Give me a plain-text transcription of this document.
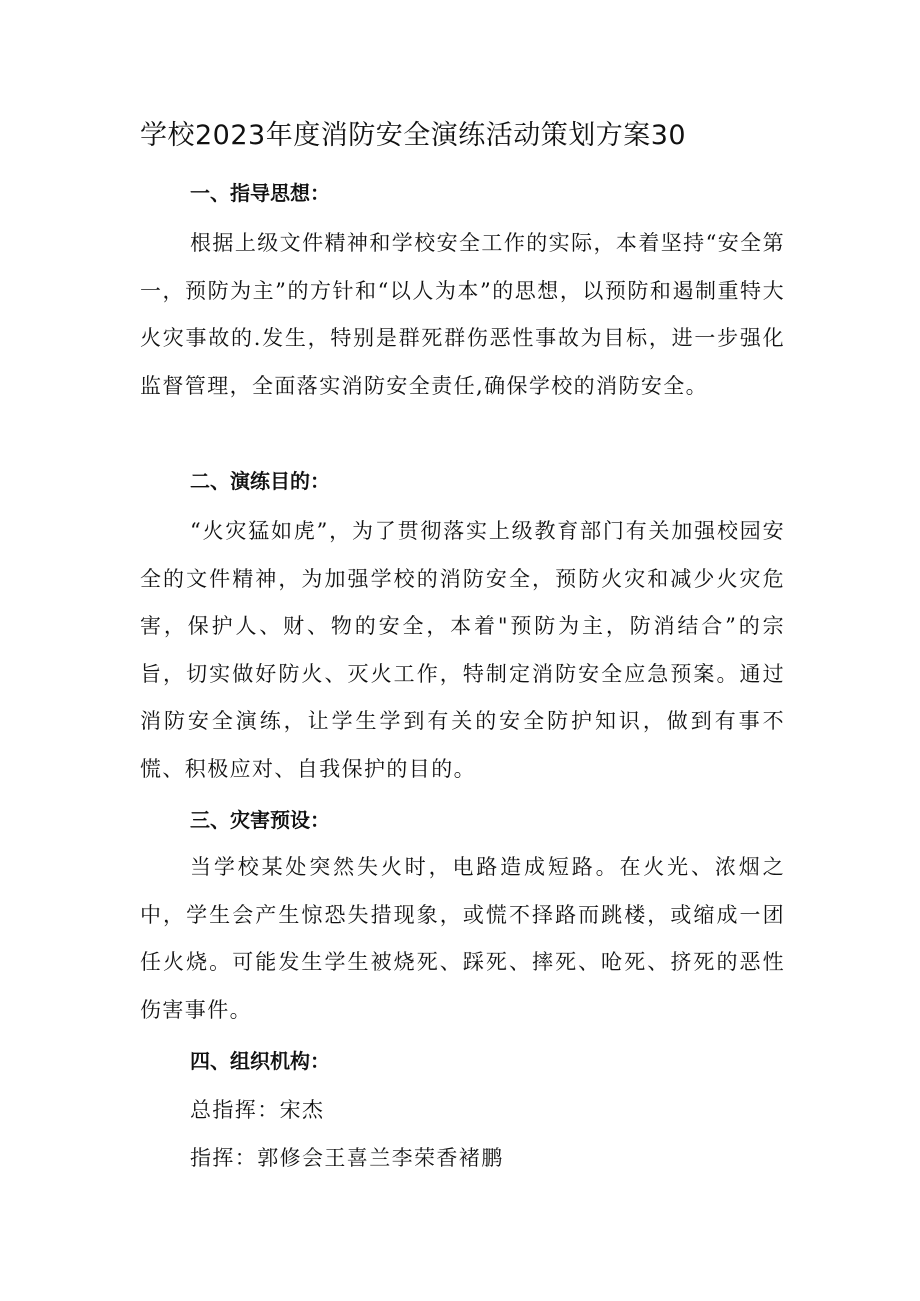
学校2023年度消防安全演练活动策划方案30
一、指导思想：
根据上级文件精神和学校安全工作的实际，本着坚持“安全第一，预防为主”的方针和“以人为本”的思想，以预防和遏制重特大火灾事故的.发生，特别是群死群伤恶性事故为目标，进一步强化监督管理，全面落实消防安全责任,确保学校的消防安全。
二、演练目的：
“火灾猛如虎”，为了贯彻落实上级教育部门有关加强校园安全的文件精神，为加强学校的消防安全，预防火灾和减少火灾危害，保护人、财、物的安全，本着"预防为主，防消结合”的宗旨，切实做好防火、灭火工作，特制定消防安全应急预案。通过消防安全演练，让学生学到有关的安全防护知识，做到有事不慌、积极应对、自我保护的目的。
三、灾害预设：
当学校某处突然失火时，电路造成短路。在火光、浓烟之中，学生会产生惊恐失措现象，或慌不择路而跳楼，或缩成一团任火烧。可能发生学生被烧死、踩死、摔死、呛死、挤死的恶性伤害事件。
四、组织机构：
总指挥：宋杰
指挥：郭修会王喜兰李荣香褚鹏
